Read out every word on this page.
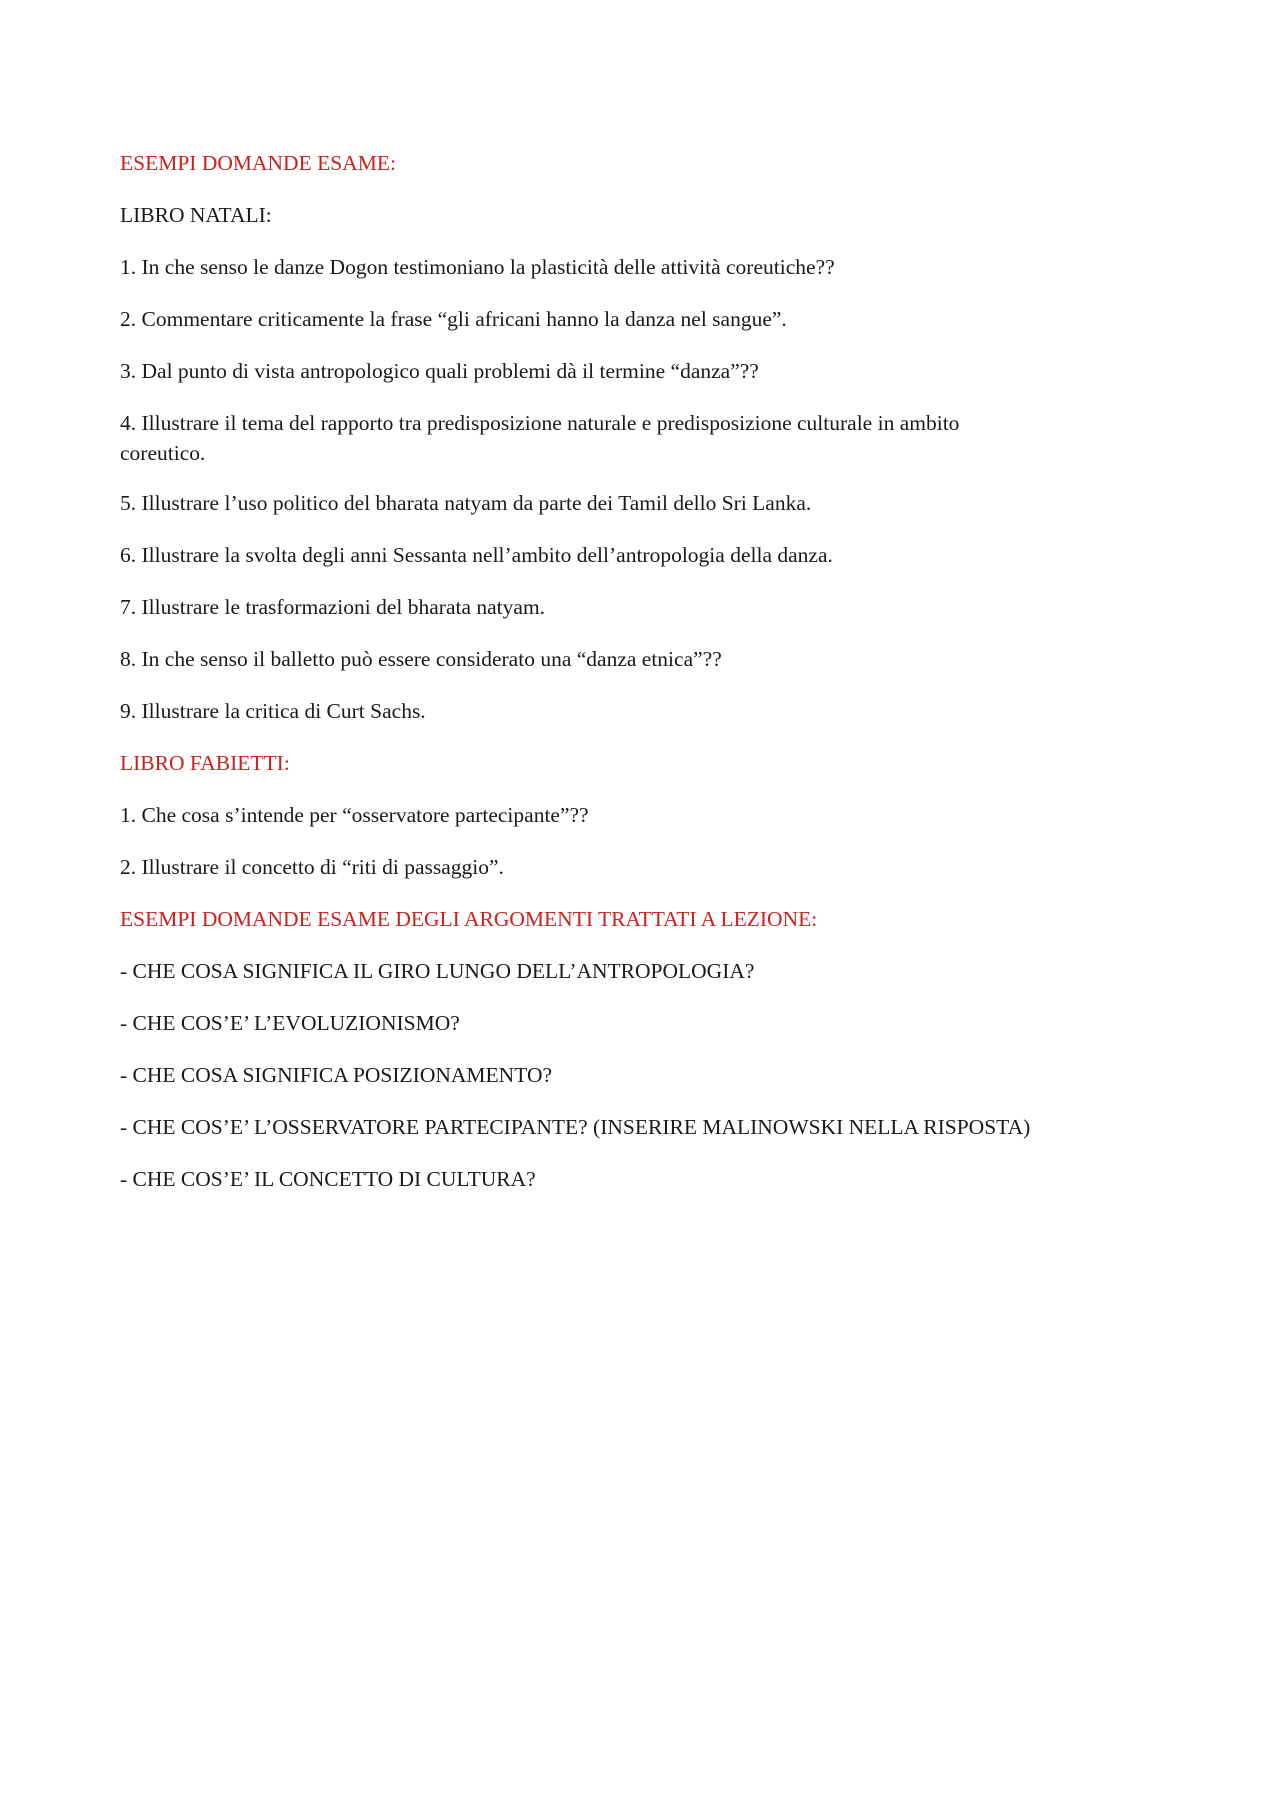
ESEMPI DOMANDE ESAME:

LIBRO NATALI:

1. In che senso le danze Dogon testimoniano la plasticità delle attività coreutiche??

2. Commentare criticamente la frase “gli africani hanno la danza nel sangue”.

3. Dal punto di vista antropologico quali problemi dà il termine “danza”??

4. Illustrare il tema del rapporto tra predisposizione naturale e predisposizione culturale in ambito  coreutico.

5. Illustrare l’uso politico del bharata natyam da parte dei Tamil dello Sri Lanka.

6. Illustrare la svolta degli anni Sessanta nell’ambito dell’antropologia della danza.

7. Illustrare le trasformazioni del bharata natyam.

8. In che senso il balletto può essere considerato una “danza etnica”??

9. Illustrare la critica di Curt Sachs.

LIBRO FABIETTI:

1. Che cosa s’intende per “osservatore partecipante”??

2. Illustrare il concetto di “riti di passaggio”.

ESEMPI DOMANDE ESAME DEGLI ARGOMENTI TRATTATI A LEZIONE:

- CHE COSA SIGNIFICA IL GIRO LUNGO DELL’ANTROPOLOGIA?

- CHE COS’E’ L’EVOLUZIONISMO?

- CHE COSA SIGNIFICA POSIZIONAMENTO?

- CHE COS’E’ L’OSSERVATORE PARTECIPANTE? (INSERIRE MALINOWSKI NELLA RISPOSTA)

- CHE COS’E’ IL CONCETTO DI CULTURA?
